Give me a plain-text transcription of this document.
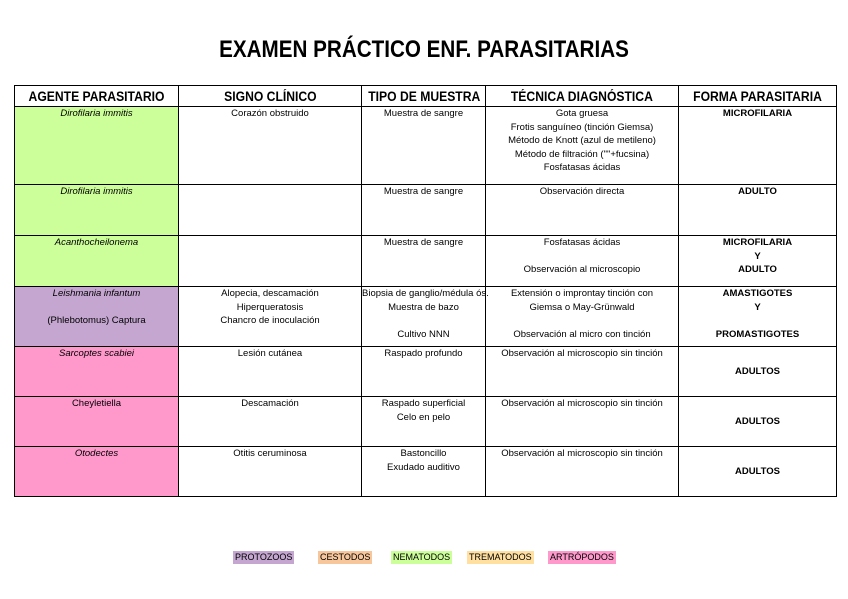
EXAMEN PRÁCTICO ENF. PARASITARIAS
AGENTE PARASITARIO	SIGNO CLÍNICO	TIPO DE MUESTRA	TÉCNICA DIAGNÓSTICA	FORMA PARASITARIA

Dirofilaria immitis	Corazón obstruido	Muestra de sangre	Gota gruesa
Frotis sanguíneo (tinción Giemsa)
Método de Knott (azul de metileno)
Método de filtración (""+fucsina)
Fosfatasas ácidas	MICROFILARIA

Dirofilaria immitis		Muestra de sangre	Observación directa	ADULTO

Acanthocheilonema		Muestra de sangre	Fosfatasas ácidas
Observación al microscopio	MICROFILARIA
Y
ADULTO

Leishmania infantum
(Phlebotomus) Captura	Alopecia, descamación
Hiperqueratosis
Chancro de inoculación	Biopsia de ganglio/médula ós.
Muestra de bazo
Cultivo NNN	Extensión o improntay tinción con
Giemsa o May-Grünwald
Observación al micro con tinción	AMASTIGOTES
Y
PROMASTIGOTES

Sarcoptes scabiei	Lesión cutánea	Raspado profundo	Observación al microscopio sin tinción	ADULTOS

Cheyletiella	Descamación	Raspado superficial
Celo en pelo	Observación al microscopio sin tinción	ADULTOS

Otodectes	Otitis ceruminosa	Bastoncillo
Exudado auditivo	Observación al microscopio sin tinción	ADULTOS
PROTOZOOS	CESTODOS	NEMATODOS TREMATODOS ARTRÓPODOS
